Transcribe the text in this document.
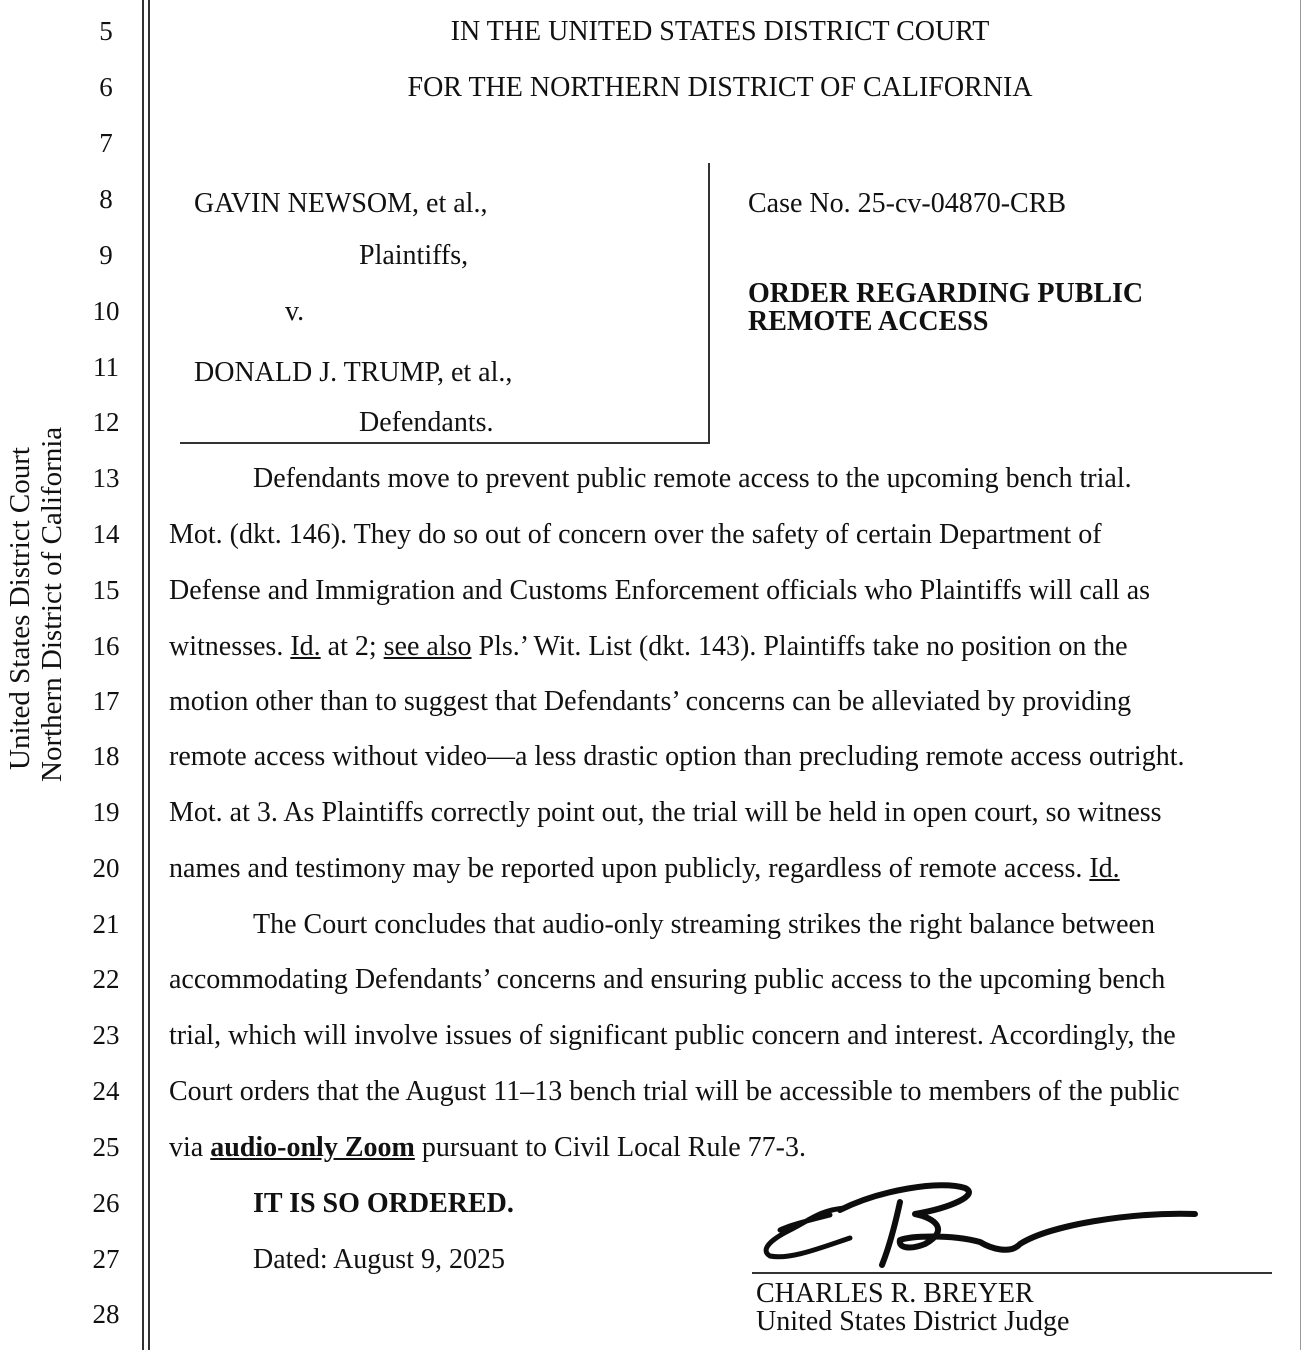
United States District Court Northern District of California
5
6
7
8
9
10
11
12
13
14
15
16
17
18
19
20
21
22
23
24
25
26
27
28
IN THE UNITED STATES DISTRICT COURT
FOR THE NORTHERN DISTRICT OF CALIFORNIA
GAVIN NEWSOM, et al.,
Plaintiffs,
v.
DONALD J. TRUMP, et al.,
Defendants.
Case No. 25-cv-04870-CRB
ORDER REGARDING PUBLIC
REMOTE ACCESS
Defendants move to prevent public remote access to the upcoming bench trial.
Mot. (dkt. 146). They do so out of concern over the safety of certain Department of
Defense and Immigration and Customs Enforcement officials who Plaintiffs will call as
witnesses. Id. at 2; see also Pls.’ Wit. List (dkt. 143). Plaintiffs take no position on the
motion other than to suggest that Defendants’ concerns can be alleviated by providing
remote access without video—a less drastic option than precluding remote access outright.
Mot. at 3. As Plaintiffs correctly point out, the trial will be held in open court, so witness
names and testimony may be reported upon publicly, regardless of remote access. Id.
The Court concludes that audio-only streaming strikes the right balance between
accommodating Defendants’ concerns and ensuring public access to the upcoming bench
trial, which will involve issues of significant public concern and interest. Accordingly, the
Court orders that the August 11–13 bench trial will be accessible to members of the public
via audio-only Zoom pursuant to Civil Local Rule 77-3.
IT IS SO ORDERED.
Dated: August 9, 2025
CHARLES R. BREYER
United States District Judge
